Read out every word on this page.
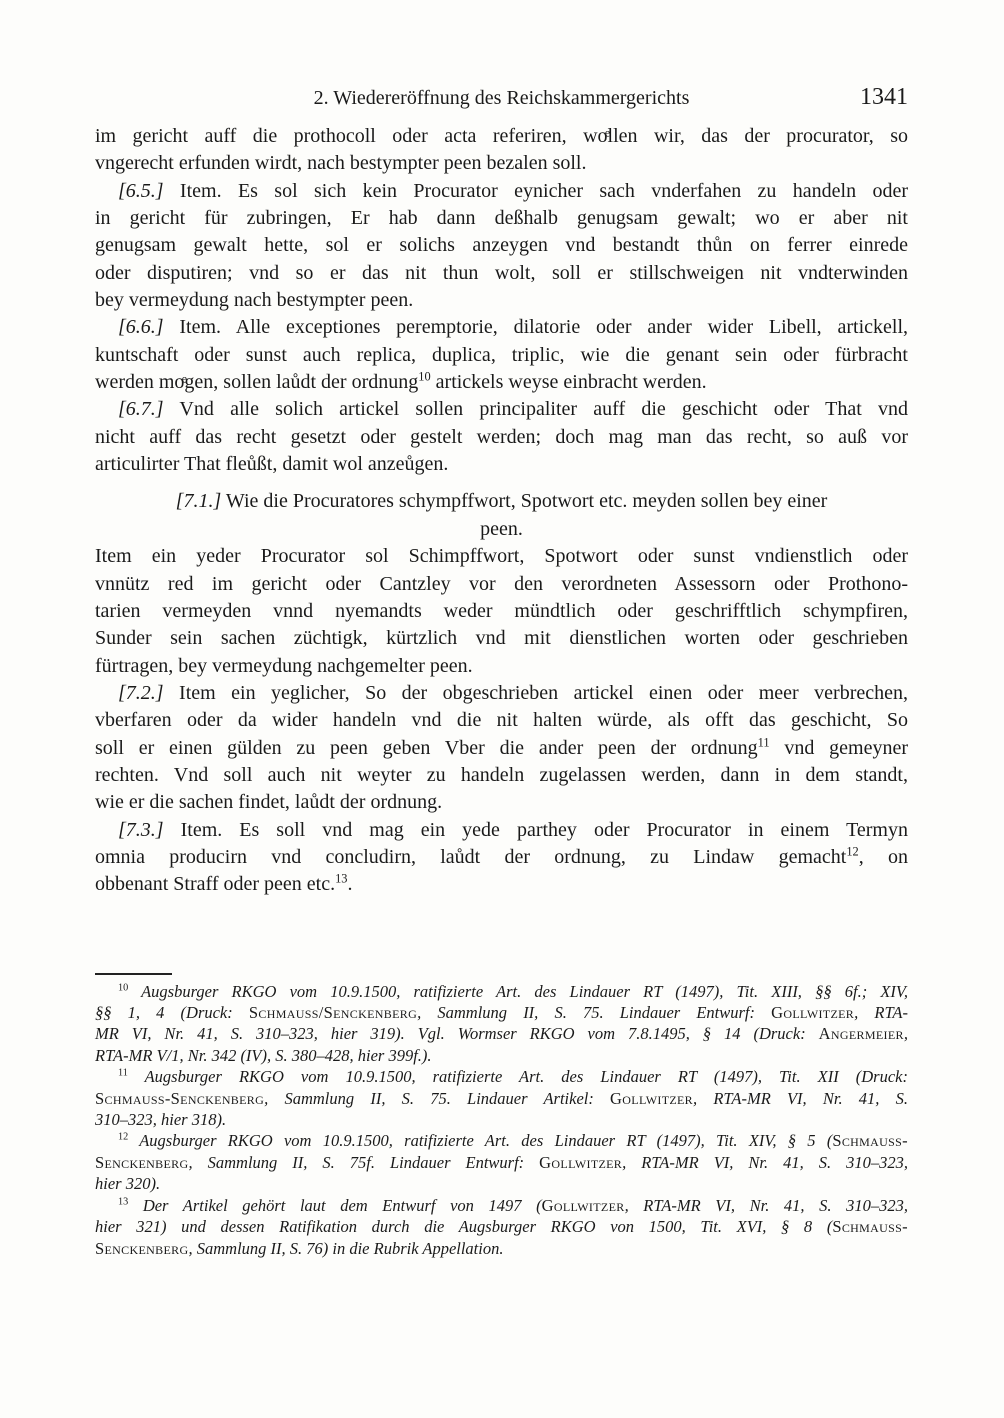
2. Wiedereröffnung des Reichskammergerichts	1341
im gericht auff die prothocoll oder acta referiren, woͤllen wir, das der procurator, so
vngerecht erfunden wirdt, nach bestympter peen bezalen soll.
[6.5.] Item. Es sol sich kein Procurator eynicher sach vnderfahen zu handeln oder
in gericht für zubringen, Er hab dann deßhalb genugsam gewalt; wo er aber nit
genugsam gewalt hette, sol er solichs anzeygen vnd bestandt thůn on ferrer einrede
oder disputiren; vnd so er das nit thun wolt, soll er stillschweigen nit vndterwinden
bey vermeydung nach bestympter peen.
[6.6.] Item. Alle exceptiones peremptorie, dilatorie oder ander wider Libell, artickell,
kuntschaft oder sunst auch replica, duplica, triplic, wie die genant sein oder fürbracht
werden moͤgen, sollen laůdt der ordnung$^{10}$ artickels weyse einbracht werden.
[6.7.] Vnd alle solich artickel sollen principaliter auff die geschicht oder That vnd
nicht auff das recht gesetzt oder gestelt werden; doch mag man das recht, so auß vor
articulirter That fleůßt, damit wol anzeůgen.
[7.1.] Wie die Procuratores schympffwort, Spotwort etc. meyden sollen bey einer
peen.
Item ein yeder Procurator sol Schimpffwort, Spotwort oder sunst vndienstlich oder
vnnütz red im gericht oder Cantzley vor den verordneten Assessorn oder Prothono-
tarien vermeyden vnnd nyemandts weder mündtlich oder geschrifftlich schympfiren,
Sunder sein sachen züchtigk, kürtzlich vnd mit dienstlichen worten oder geschrieben
fürtragen, bey vermeydung nachgemelter peen.
[7.2.] Item ein yeglicher, So der obgeschrieben artickel einen oder meer verbrechen,
vberfaren oder da wider handeln vnd die nit halten würde, als offt das geschicht, So
soll er einen gülden zu peen geben Vber die ander peen der ordnung$^{11}$ vnd gemeyner
rechten. Vnd soll auch nit weyter zu handeln zugelassen werden, dann in dem standt,
wie er die sachen findet, laůdt der ordnung.
[7.3.] Item. Es soll vnd mag ein yede parthey oder Procurator in einem Termyn
omnia producirn vnd concludirn, laůdt der ordnung, zu Lindaw gemacht$^{12}$, on
obbenant Straff oder peen etc.$^{13}$.
$^{10}$ Augsburger RKGO vom 10.9.1500, ratifizierte Art. des Lindauer RT (1497), Tit. XIII, §§ 6f.; XIV,
§§ 1, 4 (Druck: Schmauss/Senckenberg, Sammlung II, S. 75. Lindauer Entwurf: Gollwitzer, RTA-
MR VI, Nr. 41, S. 310–323, hier 319). Vgl. Wormser RKGO vom 7.8.1495, § 14 (Druck: Angermeier,
RTA-MR V/1, Nr. 342 (IV), S. 380–428, hier 399f.).
$^{11}$ Augsburger RKGO vom 10.9.1500, ratifizierte Art. des Lindauer RT (1497), Tit. XII (Druck:
Schmauss-Senckenberg, Sammlung II, S. 75. Lindauer Artikel: Gollwitzer, RTA-MR VI, Nr. 41, S.
310–323, hier 318).
$^{12}$ Augsburger RKGO vom 10.9.1500, ratifizierte Art. des Lindauer RT (1497), Tit. XIV, § 5 (Schmauss-
Senckenberg, Sammlung II, S. 75f. Lindauer Entwurf: Gollwitzer, RTA-MR VI, Nr. 41, S. 310–323,
hier 320).
$^{13}$ Der Artikel gehört laut dem Entwurf von 1497 (Gollwitzer, RTA-MR VI, Nr. 41, S. 310–323,
hier 321) und dessen Ratifikation durch die Augsburger RKGO von 1500, Tit. XVI, § 8 (Schmauss-
Senckenberg, Sammlung II, S. 76) in die Rubrik Appellation.
